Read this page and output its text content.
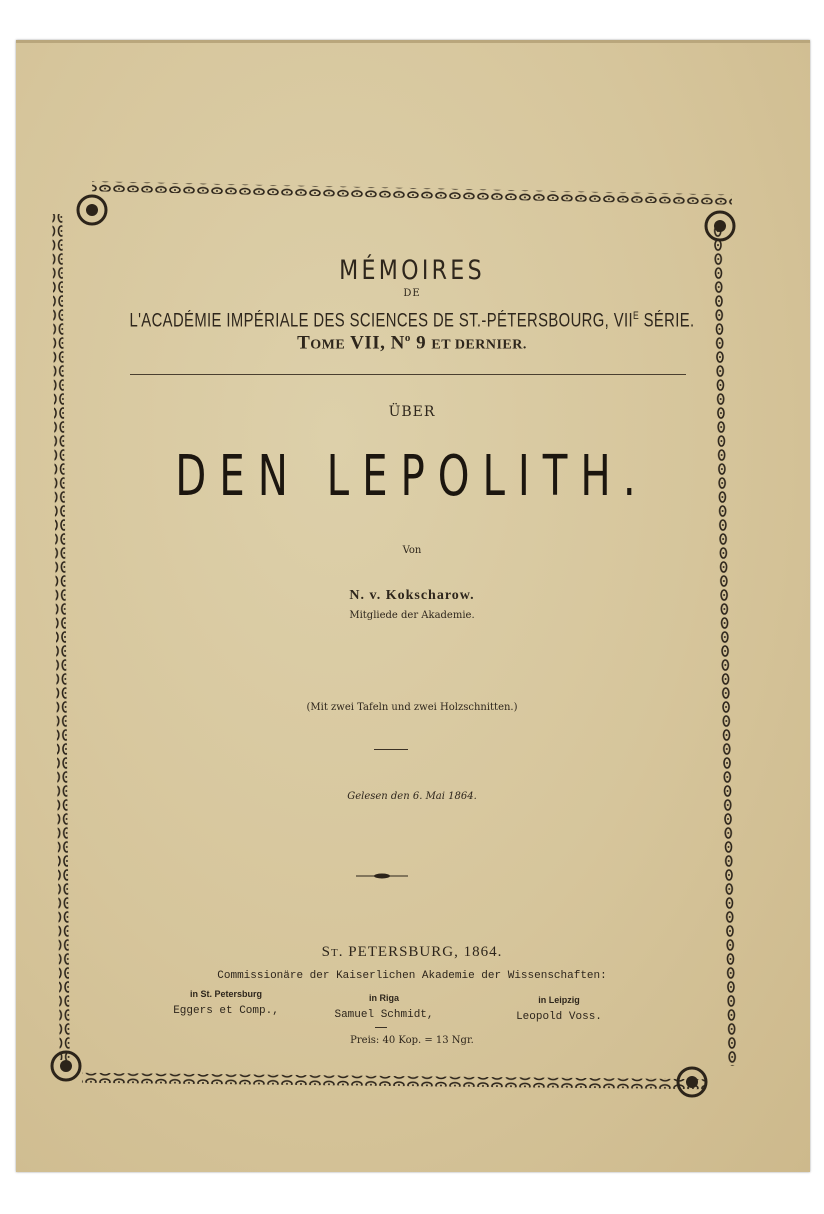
MÉMOIRES
DE
L'ACADÉMIE IMPÉRIALE DES SCIENCES DE ST.-PÉTERSBOURG, $VII^E$ SÉRIE.
TOME VII, $N^o$ 9 ET DERNIER.
ÜBER
DEN LEPOLITH.
Von
N. v. Kokscharow.
Mitgliede der Akademie.
(Mit zwei Tafeln und zwei Holzschnitten.)
Gelesen den 6. Mai 1864.
ST. PETERSBURG, 1864.
Commissionäre der Kaiserlichen Akademie der Wissenschaften:
in St. Petersburg
Eggers et Comp.,
in Riga
Samuel Schmidt,
in Leipzig
Leopold Voss.
Preis: 40 Kop. = 13 Ngr.
